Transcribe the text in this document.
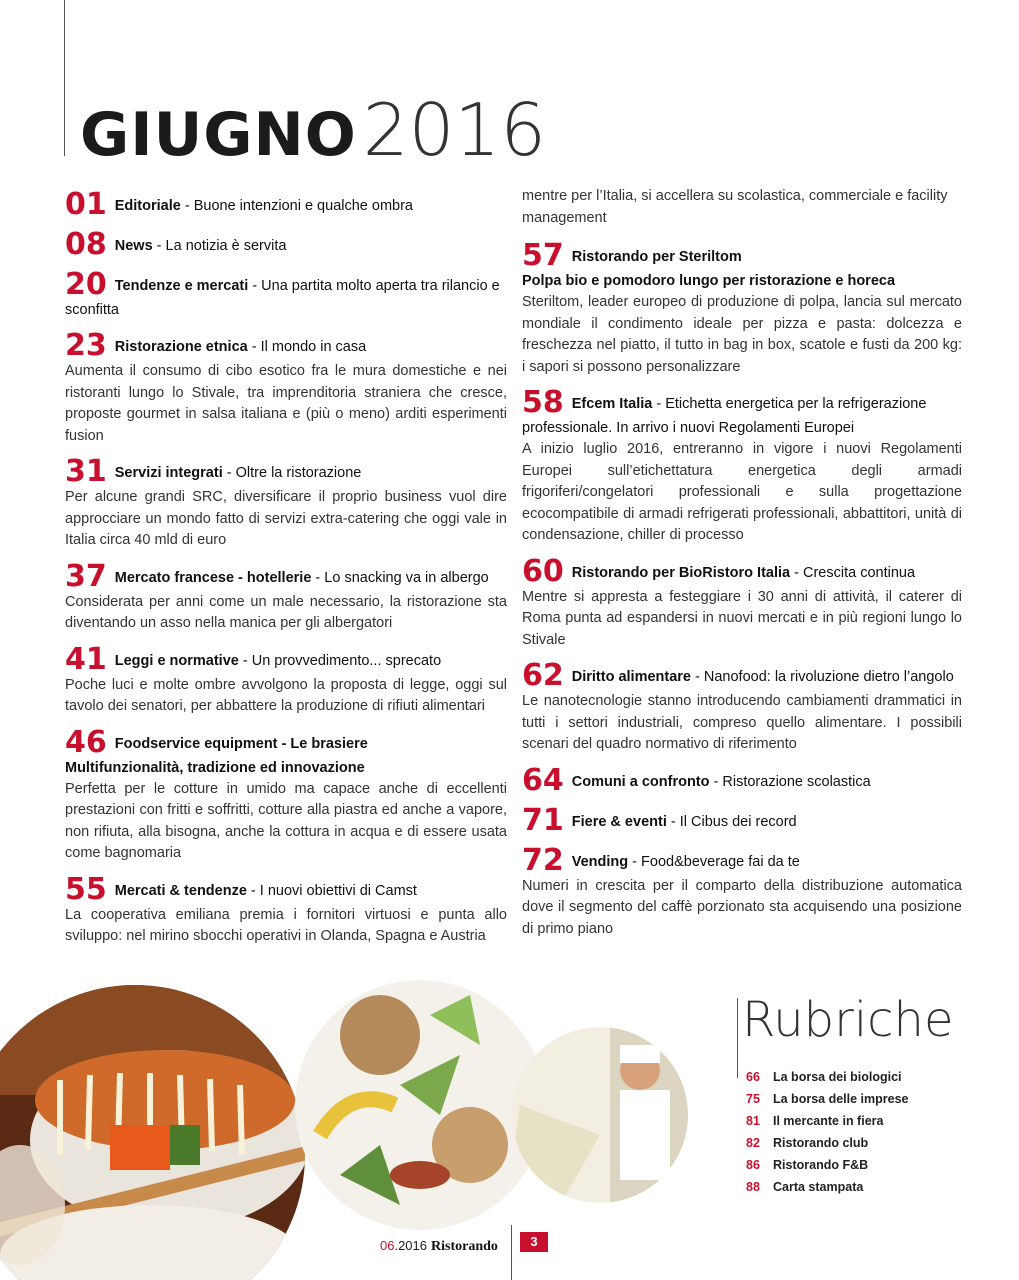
GIUGNO2016
01 Editoriale - Buone intenzioni e qualche ombra
08 News - La notizia è servita
20 Tendenze e mercati - Una partita molto aperta tra rilancio e sconfitta
23 Ristorazione etnica - Il mondo in casa
Aumenta il consumo di cibo esotico fra le mura domestiche e nei ristoranti lungo lo Stivale, tra imprenditoria straniera che cresce, proposte gourmet in salsa italiana e (più o meno) arditi esperimenti fusion
31 Servizi integrati - Oltre la ristorazione
Per alcune grandi SRC, diversificare il proprio business vuol dire approcciare un mondo fatto di servizi extra-catering che oggi vale in Italia circa 40 mld di euro
37 Mercato francese - hotellerie - Lo snacking va in albergo
Considerata per anni come un male necessario, la ristorazione sta diventando un asso nella manica per gli albergatori
41 Leggi e normative - Un provvedimento... sprecato
Poche luci e molte ombre avvolgono la proposta di legge, oggi sul tavolo dei senatori, per abbattere la produzione di rifiuti alimentari
46 Foodservice equipment - Le brasiere
Multifunzionalità, tradizione ed innovazione
Perfetta per le cotture in umido ma capace anche di eccellenti prestazioni con fritti e soffritti, cotture alla piastra ed anche a vapore, non rifiuta, alla bisogna, anche la cottura in acqua e di essere usata come bagnomaria
55 Mercati & tendenze - I nuovi obiettivi di Camst
La cooperativa emiliana premia i fornitori virtuosi e punta allo sviluppo: nel mirino sbocchi operativi in Olanda, Spagna e Austria
mentre per l’Italia, si accellera su scolastica, commerciale e facility management
57 Ristorando per Steriltom
Polpa bio e pomodoro lungo per ristorazione e horeca
Steriltom, leader europeo di produzione di polpa, lancia sul mercato mondiale il condimento ideale per pizza e pasta: dolcezza e freschezza nel piatto, il tutto in bag in box, scatole e fusti da 200 kg: i sapori si possono personalizzare
58 Efcem Italia - Etichetta energetica per la refrigerazione professionale. In arrivo i nuovi Regolamenti Europei
A inizio luglio 2016, entreranno in vigore i nuovi Regolamenti Europei sull’etichettatura energetica degli armadi frigoriferi/congelatori professionali e sulla progettazione ecocompatibile di armadi refrigerati professionali, abbattitori, unità di condensazione, chiller di processo
60 Ristorando per BioRistoro Italia - Crescita continua
Mentre si appresta a festeggiare i 30 anni di attività, il caterer di Roma punta ad espandersi in nuovi mercati e in più regioni lungo lo Stivale
62 Diritto alimentare - Nanofood: la rivoluzione dietro l’angolo
Le nanotecnologie stanno introducendo cambiamenti drammatici in tutti i settori industriali, compreso quello alimentare. I possibili scenari del quadro normativo di riferimento
64 Comuni a confronto - Ristorazione scolastica
71 Fiere & eventi - Il Cibus dei record
72 Vending - Food&beverage fai da te
Numeri in crescita per il comparto della distribuzione automatica dove il segmento del caffè porzionato sta acquisendo una posizione di primo piano
Rubriche
66 La borsa dei biologici
75 La borsa delle imprese
81 Il mercante in fiera
82 Ristorando club
86 Ristorando F&B
88 Carta stampata
06.2016 Ristorando	3
